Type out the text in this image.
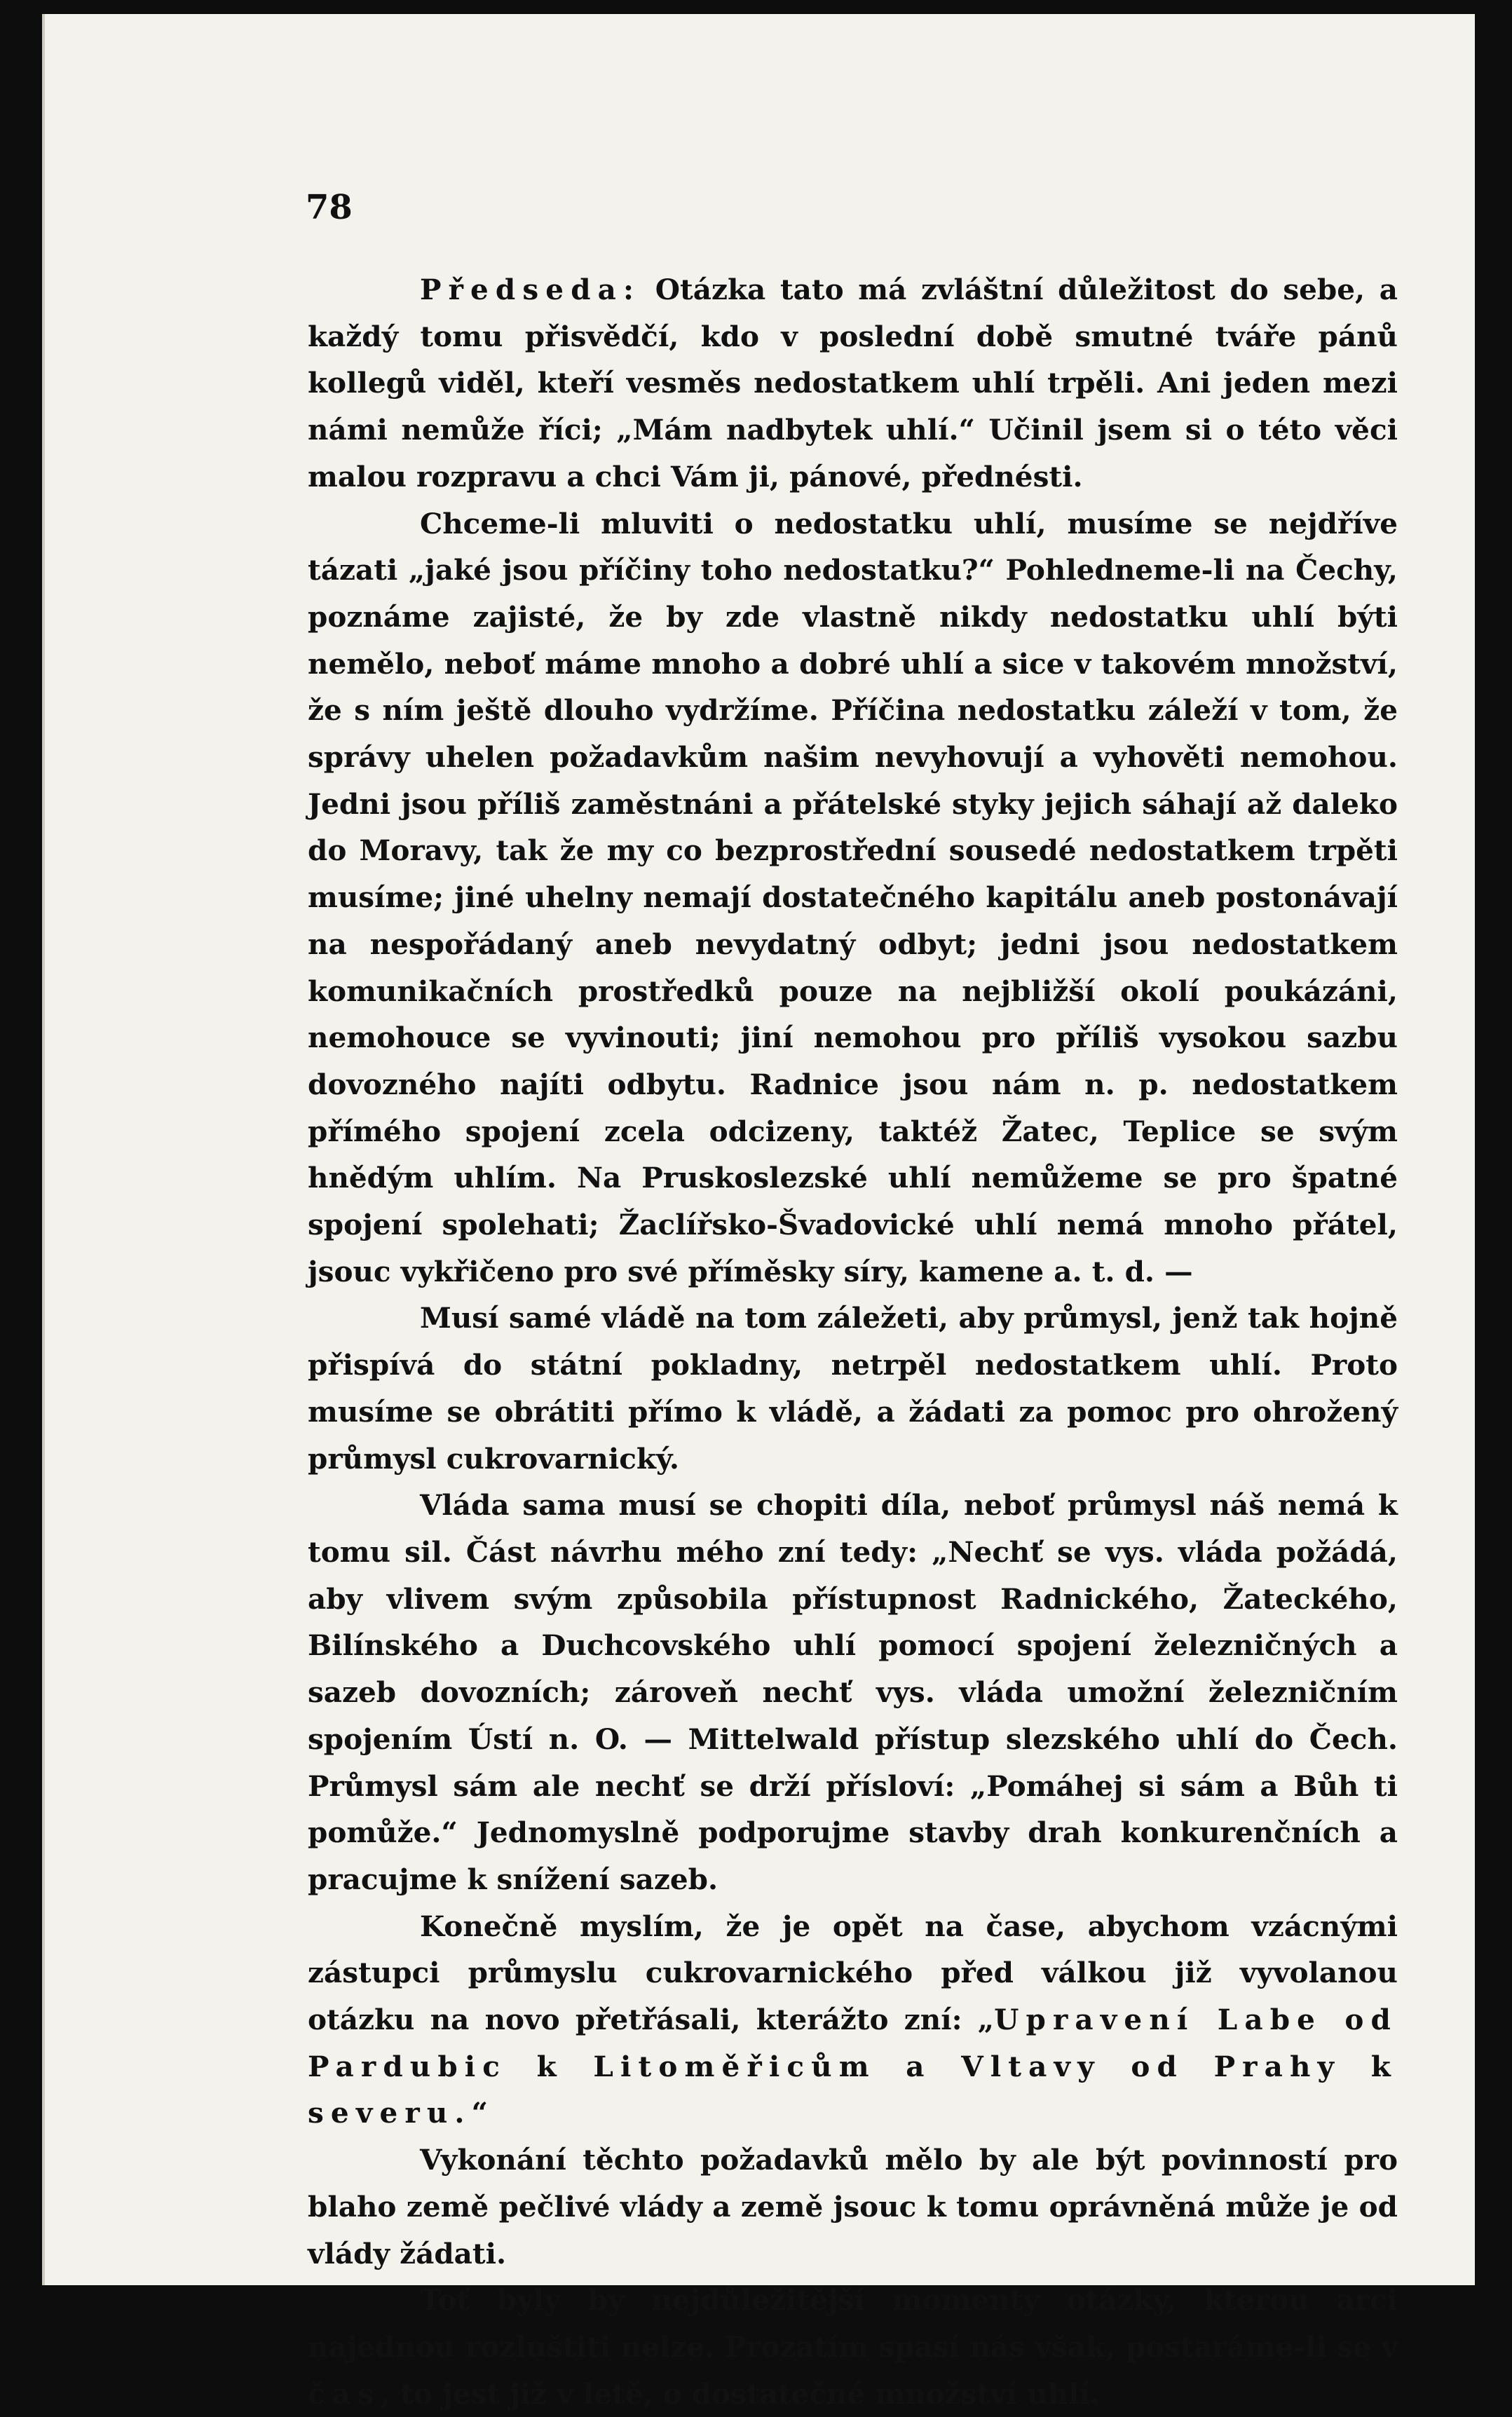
78

Předseda: Otázka tato má zvláštní důležitost do sebe, a každý tomu přisvědčí, kdo v poslední době smutné tváře pánů kollegů viděl, kteří vesměs nedostatkem uhlí trpěli. Ani jeden mezi námi nemůže říci; „Mám nadbytek uhlí.“ Učinil jsem si o této věci malou rozpravu a chci Vám ji, pánové, přednésti.

Chceme-li mluviti o nedostatku uhlí, musíme se nejdříve tázati „jaké jsou příčiny toho nedostatku?“ Pohledneme-li na Čechy, poznáme zajisté, že by zde vlastně nikdy nedostatku uhlí býti nemělo, neboť máme mnoho a dobré uhlí a sice v takovém množství, že s ním ještě dlouho vydržíme. Příčina nedostatku záleží v tom, že správy uhelen požadavkům našim nevyhovují a vyhověti nemohou. Jedni jsou příliš zaměstnáni a přátelské styky jejich sáhají až daleko do Moravy, tak že my co bezprostřední sousedé nedostatkem trpěti musíme; jiné uhelny nemají dostatečného kapitálu aneb postonávají na nespořádaný aneb nevydatný odbyt; jedni jsou nedostatkem komunikačních prostředků pouze na nejbližší okolí poukázáni, nemohouce se vyvinouti; jiní nemohou pro příliš vysokou sazbu dovozného najíti odbytu. Radnice jsou nám n. p. nedostatkem přímého spojení zcela odcizeny, taktéž Žatec, Teplice se svým hnědým uhlím. Na Pruskoslezské uhlí nemůžeme se pro špatné spojení spolehati; Žaclířsko-Švadovické uhlí nemá mnoho přátel, jsouc vykřičeno pro své příměsky síry, kamene a. t. d. —

Musí samé vládě na tom záležeti, aby průmysl, jenž tak hojně přispívá do státní pokladny, netrpěl nedostatkem uhlí. Proto musíme se obrátiti přímo k vládě, a žádati za pomoc pro ohrožený průmysl cukrovarnický.

Vláda sama musí se chopiti díla, neboť průmysl náš nemá k tomu sil. Část návrhu mého zní tedy: „Nechť se vys. vláda požádá, aby vlivem svým způsobila přístupnost Radnického, Žateckého, Bilínského a Duchcovského uhlí pomocí spojení železničných a sazeb dovozních; zároveň nechť vys. vláda umožní železničním spojením Ústí n. O. — Mittelwald přístup slezského uhlí do Čech. Průmysl sám ale nechť se drží přísloví: „Pomáhej si sám a Bůh ti pomůže.“ Jednomyslně podporujme stavby drah konkurenčních a pracujme k snížení sazeb.

Konečně myslím, že je opět na čase, abychom vzácnými zástupci průmyslu cukrovarnického před válkou již vyvolanou otázku na novo přetřásali, kterážto zní: „Upravení Labe od Pardubic k Litoměřicům a Vltavy od Prahy k severu.“

Vykonání těchto požadavků mělo by ale být povinností pro blaho země pečlivé vlády a země jsouc k tomu oprávněná může je od vlády žádati.

Toť byly by nejdůležitější momenty otázky, kterou arci najednou rozluštiti nelze. Prozatím spasí nás však, postaráme-li se v čas, to jest již v letě, o dostatečné množství uhlí.
